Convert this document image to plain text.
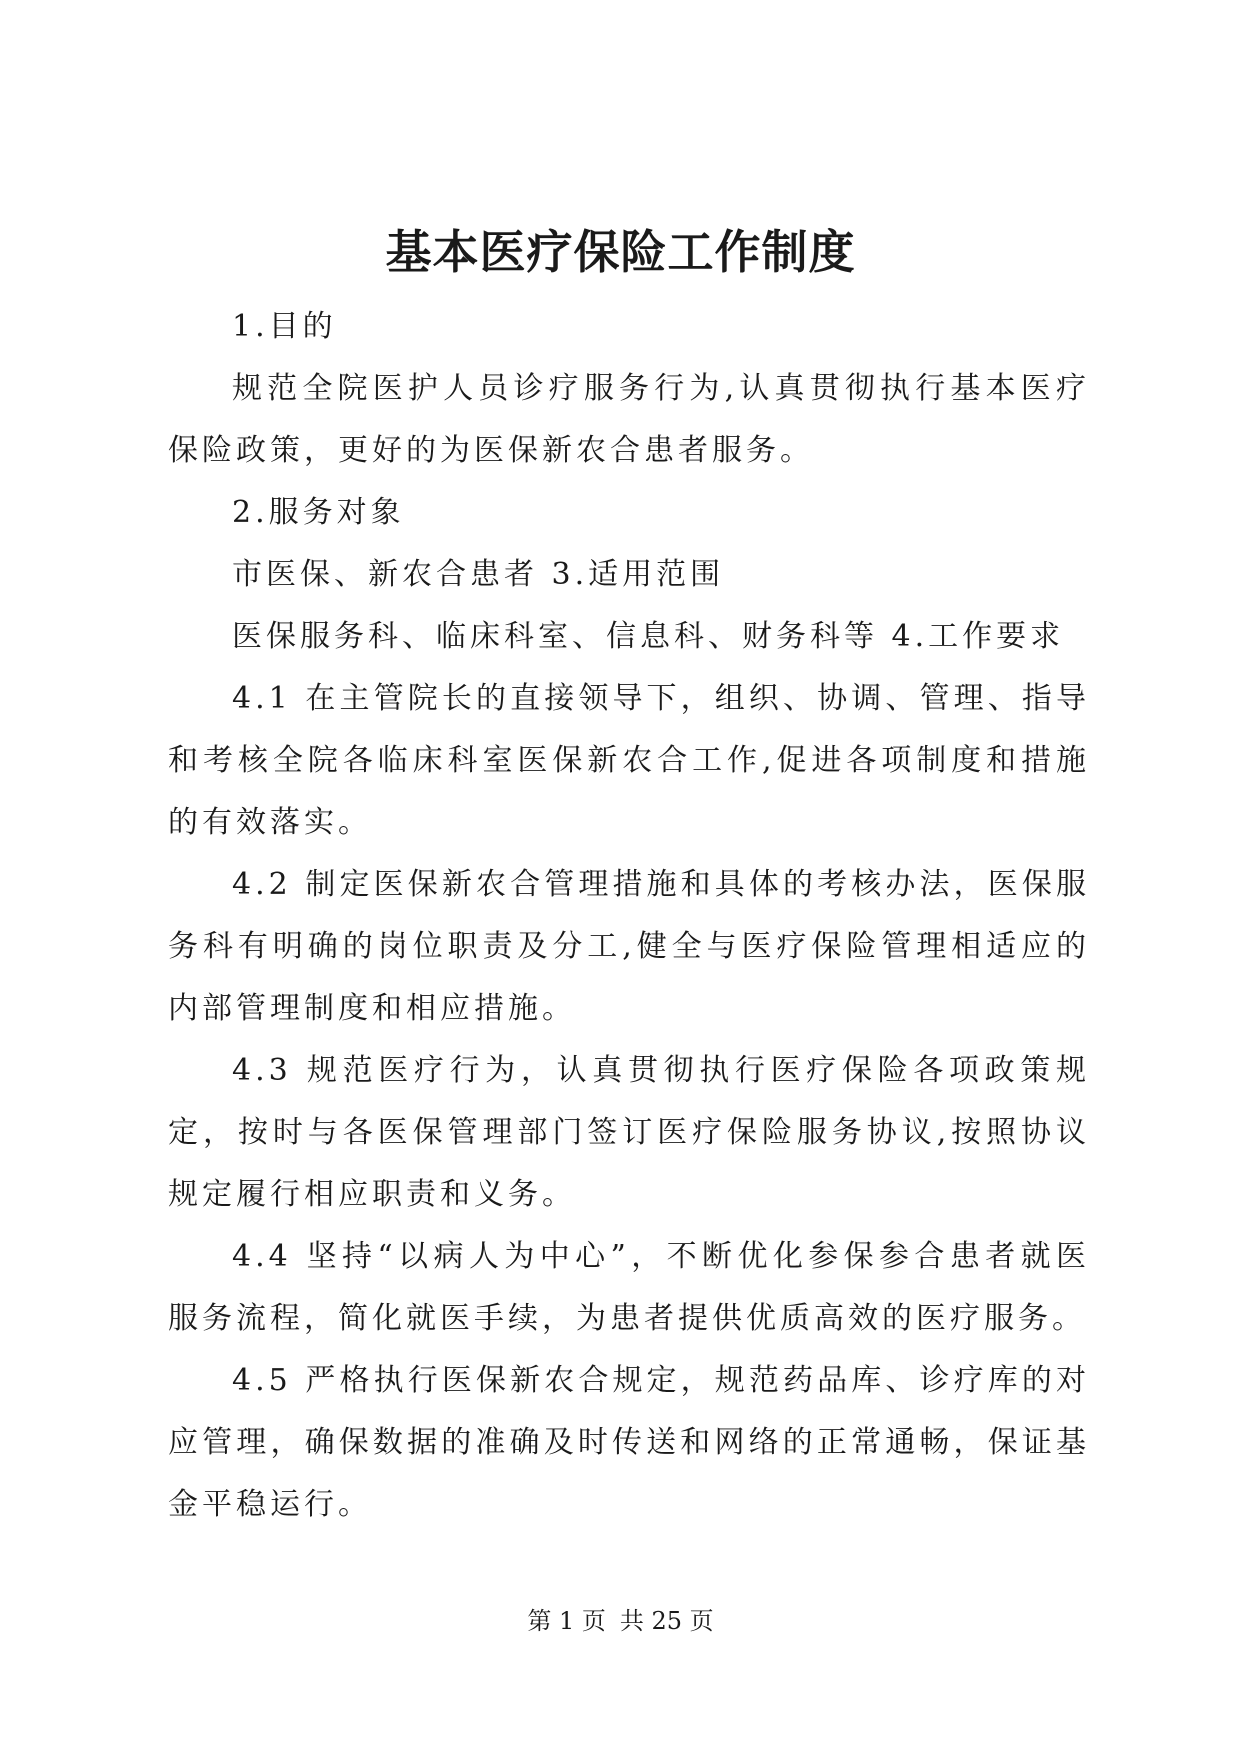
基本医疗保险工作制度

1.目的

规范全院医护人员诊疗服务行为,认真贯彻执行基本医疗保险政策，更好的为医保新农合患者服务。

2.服务对象

市医保、新农合患者 3.适用范围

医保服务科、临床科室、信息科、财务科等 4.工作要求

4.1 在主管院长的直接领导下，组织、协调、管理、指导和考核全院各临床科室医保新农合工作,促进各项制度和措施的有效落实。

4.2 制定医保新农合管理措施和具体的考核办法，医保服务科有明确的岗位职责及分工,健全与医疗保险管理相适应的内部管理制度和相应措施。

4.3 规范医疗行为，认真贯彻执行医疗保险各项政策规定，按时与各医保管理部门签订医疗保险服务协议,按照协议规定履行相应职责和义务。

4.4 坚持“以病人为中心”，不断优化参保参合患者就医服务流程，简化就医手续，为患者提供优质高效的医疗服务。

4.5 严格执行医保新农合规定，规范药品库、诊疗库的对应管理，确保数据的准确及时传送和网络的正常通畅，保证基金平稳运行。

第 1 页 共 25 页
